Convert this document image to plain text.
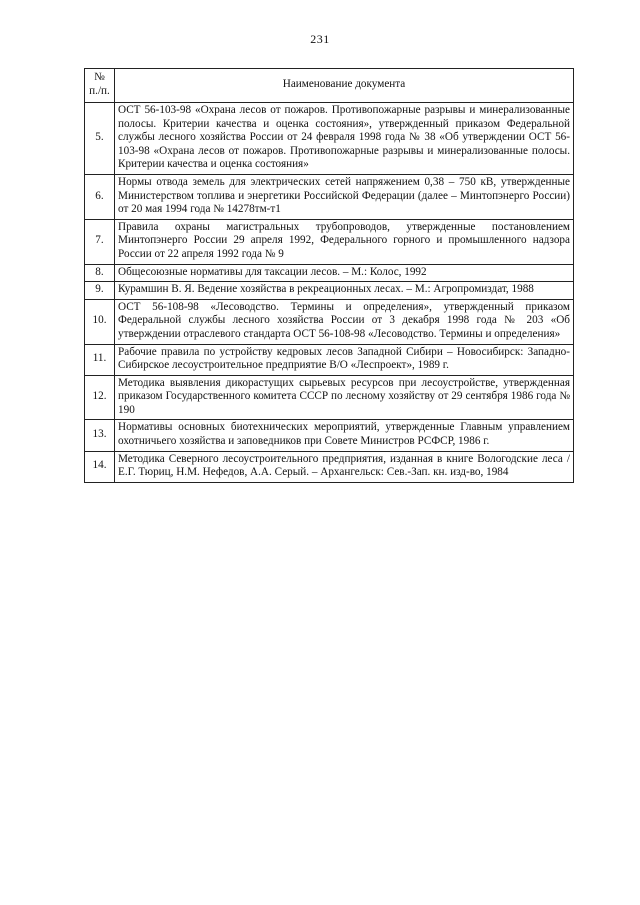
231
№ п./п.	Наименование документа
5.	ОСТ 56-103-98 «Охрана лесов от пожаров. Противопожарные разрывы и минерализованные полосы. Критерии качества и оценка состояния», утвержденный приказом Федеральной службы лесного хозяйства России от 24 февраля 1998 года № 38 «Об утверждении ОСТ 56-103-98 «Охрана лесов от пожаров. Противопожарные разрывы и минерализованные полосы. Критерии качества и оценка состояния»
6.	Нормы отвода земель для электрических сетей напряжением 0,38 – 750 кВ, утвержденные Министерством топлива и энергетики Российской Федерации (далее – Минтопэнерго России) от 20 мая 1994 года № 14278тм-т1
7.	Правила охраны магистральных трубопроводов, утвержденные постановлением Минтопэнерго России 29 апреля 1992, Федерального горного и промышленного надзора России от 22 апреля 1992 года № 9
8.	Общесоюзные нормативы для таксации лесов. – М.: Колос, 1992
9.	Курамшин В. Я. Ведение хозяйства в рекреационных лесах. – М.: Агропромиздат, 1988
10.	ОСТ 56-108-98 «Лесоводство. Термины и определения», утвержденный приказом Федеральной службы лесного хозяйства России от 3 декабря 1998 года № 203 «Об утверждении отраслевого стандарта ОСТ 56-108-98 «Лесоводство. Термины и определения»
11.	Рабочие правила по устройству кедровых лесов Западной Сибири – Новосибирск: Западно-Сибирское лесоустроительное предприятие В/О «Леспроект», 1989 г.
12.	Методика выявления дикорастущих сырьевых ресурсов при лесоустройстве, утвержденная приказом Государственного комитета СССР по лесному хозяйству от 29 сентября 1986 года № 190
13.	Нормативы основных биотехнических мероприятий, утвержденные Главным управлением охотничьего хозяйства и заповедников при Совете Министров РСФСР, 1986 г.
14.	Методика Северного лесоустроительного предприятия, изданная в книге Вологодские леса / Е.Г. Тюриц, Н.М. Нефедов, А.А. Серый. – Архангельск: Сев.-Зап. кн. изд-во, 1984
